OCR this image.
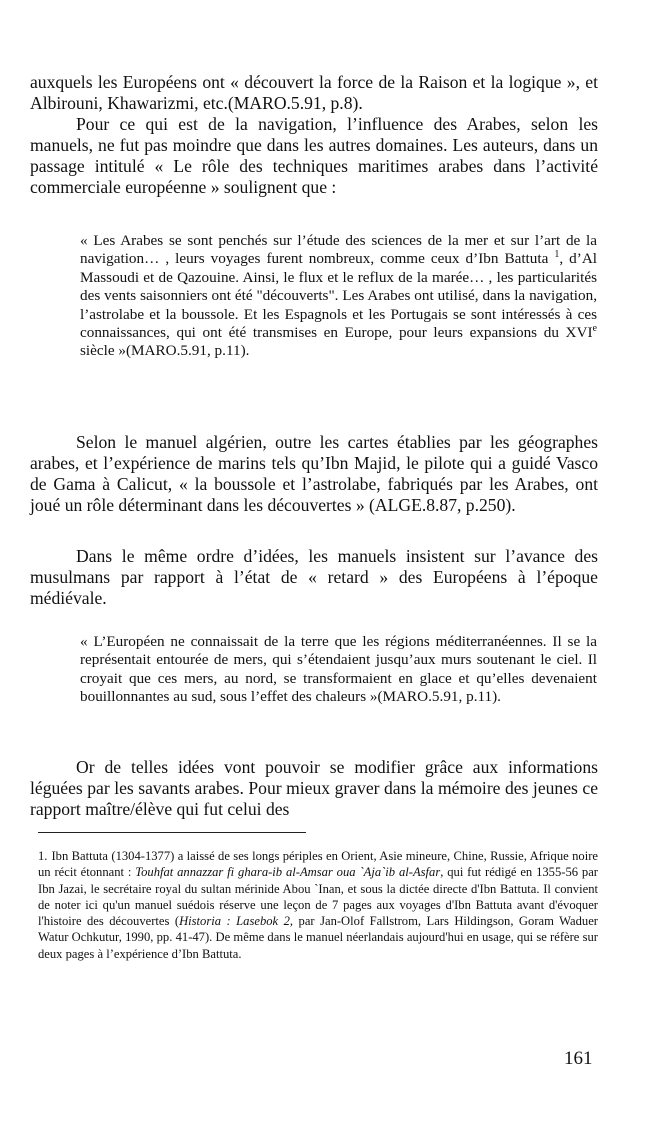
auxquels les Européens ont « découvert la force de la Raison et la logique », et Albirouni, Khawarizmi, etc.(MARO.5.91, p.8).

Pour ce qui est de la navigation, l’influence des Arabes, selon les manuels, ne fut pas moindre que dans les autres domaines. Les auteurs, dans un passage intitulé « Le rôle des techniques maritimes arabes dans l’activité commerciale européenne » soulignent que :

« Les Arabes se sont penchés sur l’étude des sciences de la mer et sur l’art de la navigation… , leurs voyages furent nombreux, comme ceux d’Ibn Battuta $^1$, d’Al Massoudi et de Qazouine. Ainsi, le flux et le reflux de la marée… , les particularités des vents saisonniers ont été "découverts". Les Arabes ont utilisé, dans la navigation, l’astrolabe et la boussole. Et les Espagnols et les Portugais se sont intéressés à ces connaissances, qui ont été transmises en Europe, pour leurs expansions du XVIe siècle »(MARO.5.91, p.11).

Selon le manuel algérien, outre les cartes établies par les géographes arabes, et l’expérience de marins tels qu’Ibn Majid, le pilote qui a guidé Vasco de Gama à Calicut, « la boussole et l’astrolabe, fabriqués par les Arabes, ont joué un rôle déterminant dans les découvertes » (ALGE.8.87, p.250).

Dans le même ordre d’idées, les manuels insistent sur l’avance des musulmans par rapport à l’état de « retard » des Européens à l’époque médiévale.

« L’Européen ne connaissait de la terre que les régions méditerranéennes. Il se la représentait entourée de mers, qui s’étendaient jusqu’aux murs soutenant le ciel. Il croyait que ces mers, au nord, se transformaient en glace et qu’elles devenaient bouillonnantes au sud, sous l’effet des chaleurs »(MARO.5.91, p.11).

Or de telles idées vont pouvoir se modifier grâce aux informations léguées par les savants arabes. Pour mieux graver dans la mémoire des jeunes ce rapport maître/élève qui fut celui des

1. Ibn Battuta (1304-1377) a laissé de ses longs périples en Orient, Asie mineure, Chine, Russie, Afrique noire un récit étonnant : Touhfat annazzar fi ghara-ib al-Amsar oua `Aja`ib al-Asfar, qui fut rédigé en 1355-56 par Ibn Jazai, le secrétaire royal du sultan mérinide Abou `Inan, et sous la dictée directe d'Ibn Battuta. Il convient de noter ici qu'un manuel suédois réserve une leçon de 7 pages aux voyages d'Ibn Battuta avant d'évoquer l'histoire des découvertes (Historia : Lasebok 2, par Jan-Olof Fallstrom, Lars Hildingson, Goram Waduer Watur Ochkutur, 1990, pp. 41-47). De même dans le manuel néerlandais aujourd'hui en usage, qui se réfère sur deux pages à l’expérience d’Ibn Battuta.

161
